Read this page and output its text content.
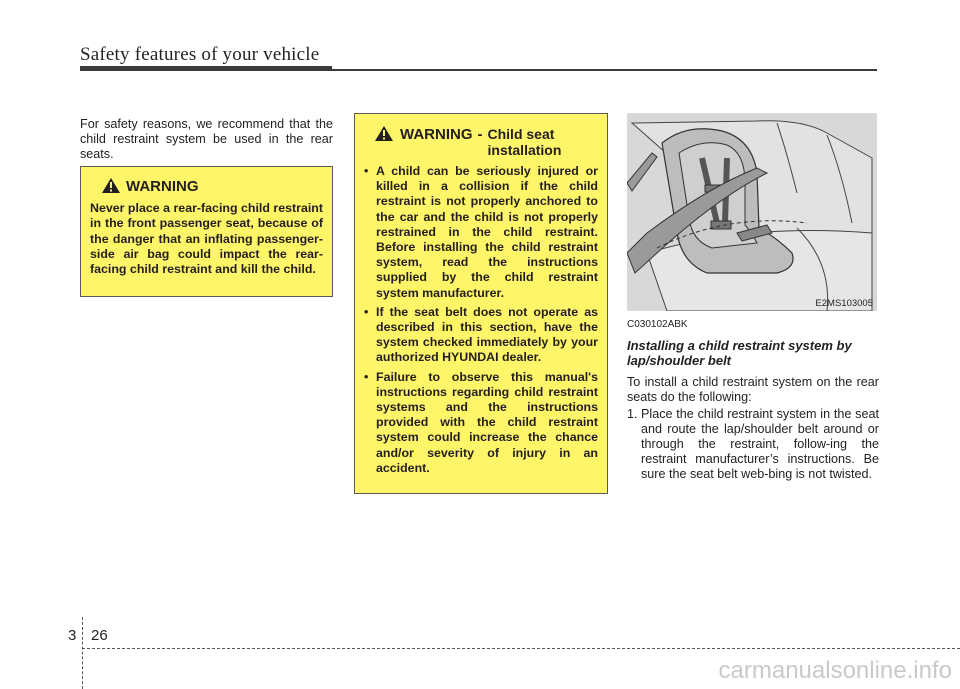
Safety features of your vehicle
For safety reasons, we recommend that the child restraint system be used in the rear seats.
WARNING
Never place a rear-facing child restraint in the front passenger seat, because of the danger that an inflating passenger-side air bag could impact the rear-facing child restraint and kill the child.
WARNING - Child seat installation
• A child can be seriously injured or killed in a collision if the child restraint is not properly anchored to the car and the child is not properly restrained in the child restraint. Before installing the child restraint system, read the instructions supplied by the child restraint system manufacturer.
• If the seat belt does not operate as described in this section, have the system checked immediately by your authorized HYUNDAI dealer.
• Failure to observe this manual's instructions regarding child restraint systems and the instructions provided with the child restraint system could increase the chance and/or severity of injury in an accident.
E2MS103005
C030102ABK
Installing a child restraint system by lap/shoulder belt
To install a child restraint system on the rear seats do the following:
1. Place the child restraint system in the seat and route the lap/shoulder belt around or through the restraint, follow-ing the restraint manufacturer’s instructions. Be sure the seat belt web-bing is not twisted.
3 26
carmanualsonline.info
